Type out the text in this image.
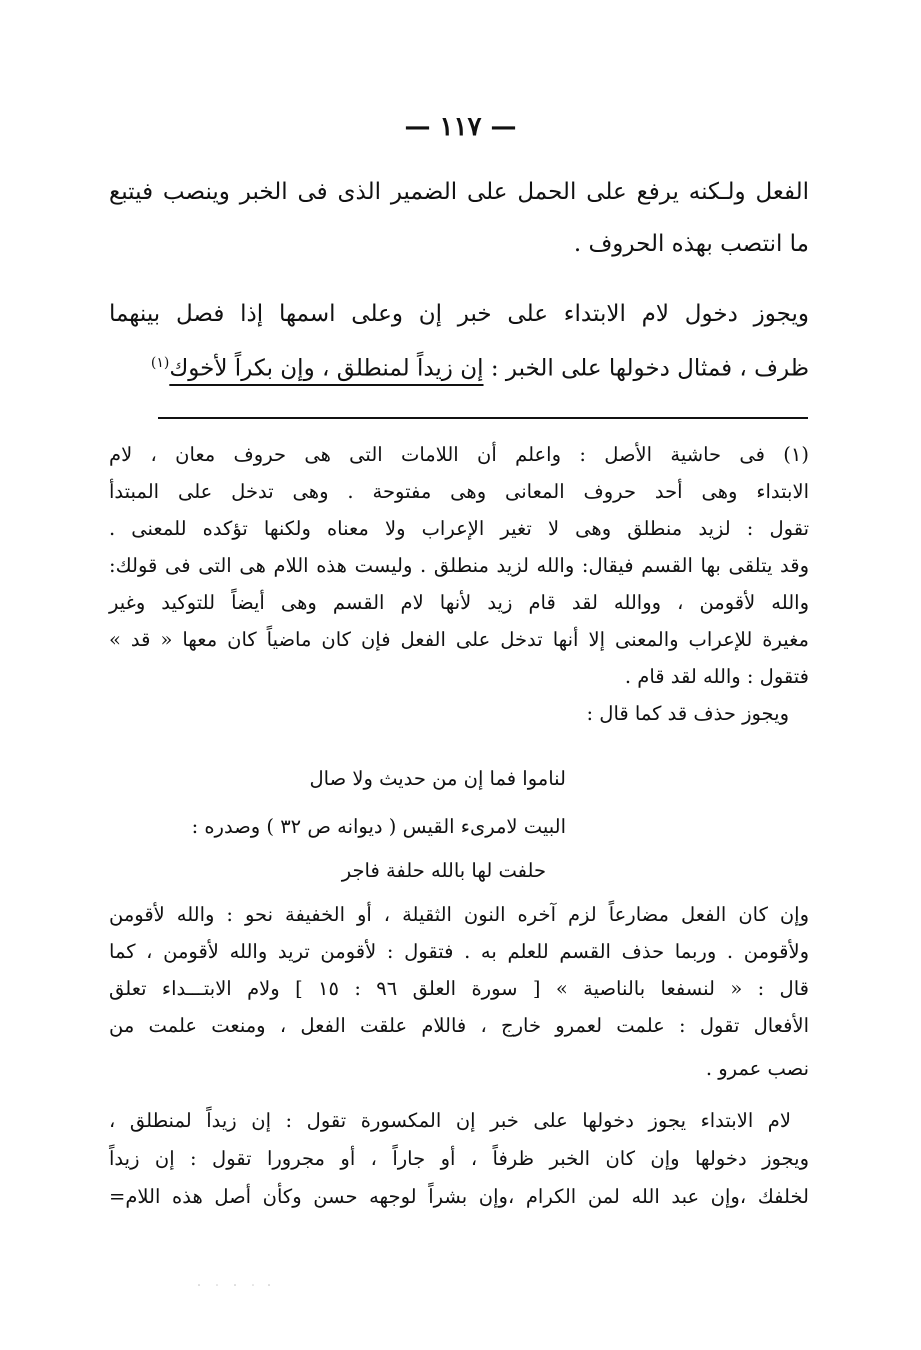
— ١١٧ —
الفعل ولـكنه يرفع على الحمل على الضمير الذى فى الخبر وينصب فيتبع
ما انتصب بهذه الحروف .
ويجوز دخول لام الابتداء على خبر إن وعلى اسمها إذا فصل بينهما
ظرف ، فمثال دخولها على الخبر : إن زيداً لمنطلق ، وإن بكراً لأخوك$^{(١)}$
(١) فى حاشية الأصل : واعلم أن اللامات التى هى حروف معان ، لام
الابتداء وهى أحد حروف المعانى وهى مفتوحة . وهى تدخل على المبتدأ
تقول : لزيد منطلق وهى لا تغير الإعراب ولا معناه ولكنها تؤكده للمعنى .
وقد يتلقى بها القسم فيقال: والله لزيد منطلق . وليست هذه اللام هى التى فى قولك:
والله لأقومن ، ووالله لقد قام زيد لأنها لام القسم وهى أيضاً للتوكيد وغير
مغيرة للإعراب والمعنى إلا أنها تدخل على الفعل فإن كان ماضياً كان معها « قد »
فتقول : والله لقد قام .
ويجوز حذف قد كما قال :
لناموا فما إن من حديث ولا صال
البيت لامرىء القيس ( ديوانه ص ٣٢ ) وصدره :
حلفت لها بالله حلفة فاجر
وإن كان الفعل مضارعاً لزم آخره النون الثقيلة ، أو الخفيفة نحو : والله لأقومن
ولأقومن . وربما حذف القسم للعلم به . فتقول : لأقومن تريد والله لأقومن ، كما
قال : « لنسفعا بالناصية » [ سورة العلق ٩٦ : ١٥ ] ولام الابتـــداء تعلق
الأفعال تقول : علمت لعمرو خارج ، فاللام علقت الفعل ، ومنعت علمت من
نصب عمرو .
لام الابتداء يجوز دخولها على خبر إن المكسورة تقول : إن زيداً لمنطلق ،
ويجوز دخولها وإن كان الخبر ظرفاً ، أو جاراً ، أو مجرورا تقول : إن زيداً
لخلفك ،وإن عبد الله لمن الكرام ،وإن بشراً لوجهه حسن وكأن أصل هذه اللام=
